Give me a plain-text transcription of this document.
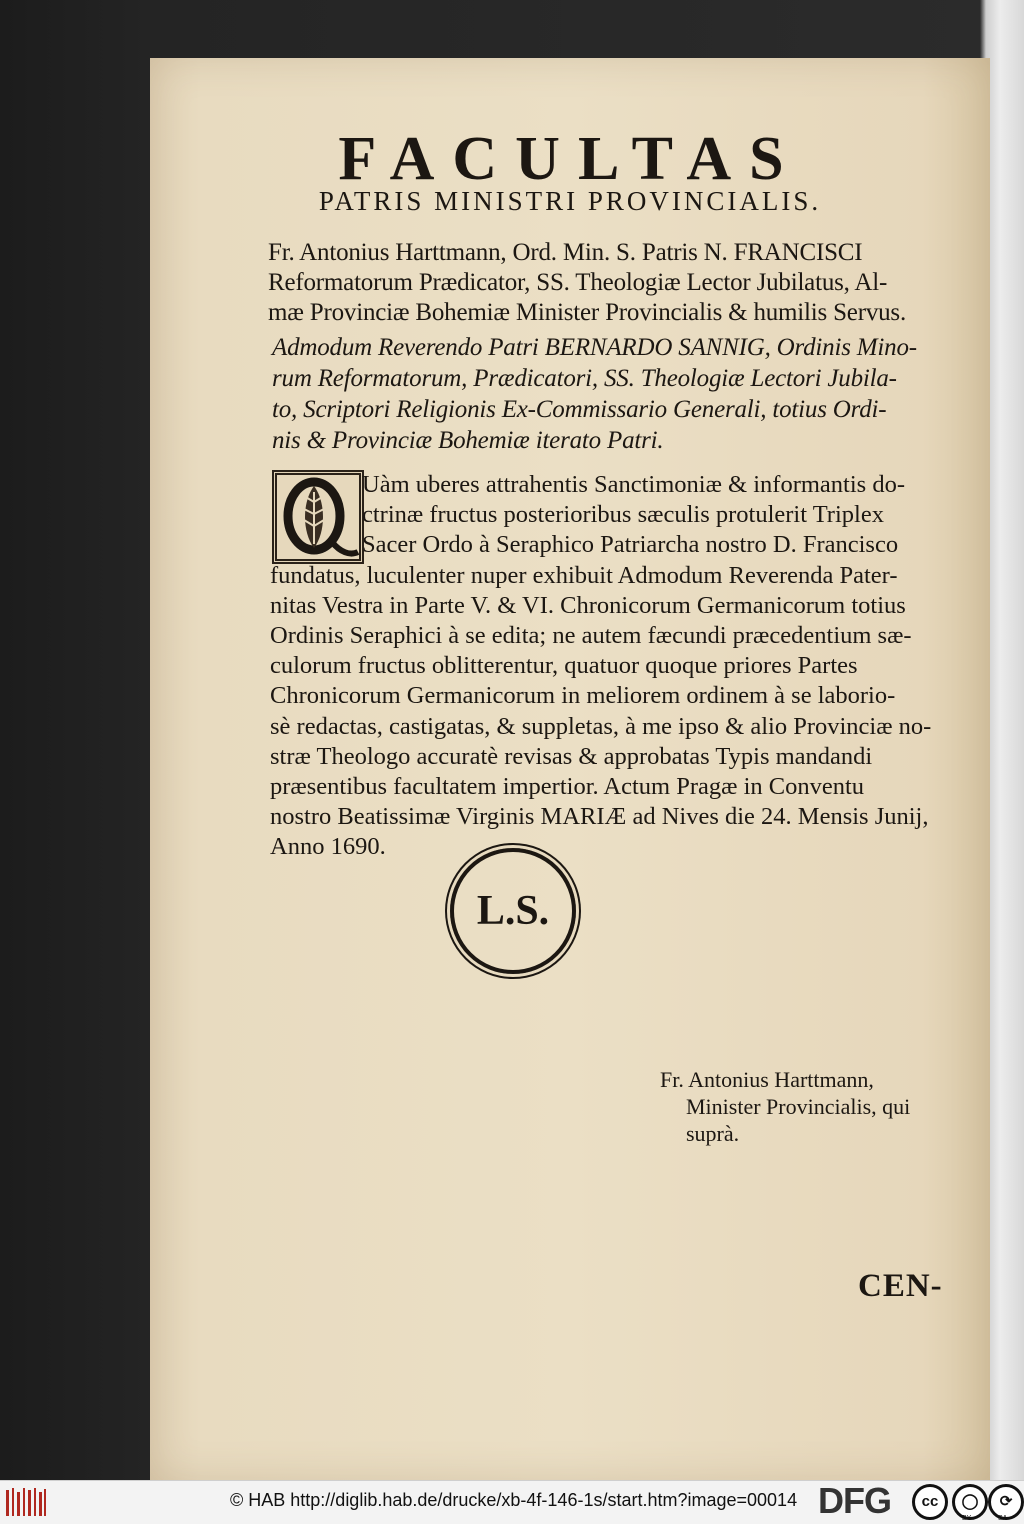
FACULTAS
PATRIS MINISTRI PROVINCIALIS.
Fr. Antonius Harttmann, Ord. Min. S. Patris N. FRANCISCI
Reformatorum Prædicator, SS. Theologiæ Lector Jubilatus, Al-
mæ Provinciæ Bohemiæ Minister Provincialis & humilis Servus.
Admodum Reverendo Patri BERNARDO SANNIG, Ordinis Mino-
rum Reformatorum, Prædicatori, SS. Theologiæ Lectori Jubila-
to, Scriptori Religionis Ex-Commissario Generali, totius Ordi-
nis & Provinciæ Bohemiæ iterato Patri.
Uàm uberes attrahentis Sanctimoniæ & informantis do-
ctrinæ fructus posterioribus sæculis protulerit Triplex
Sacer Ordo à Seraphico Patriarcha nostro D. Francisco
fundatus, luculenter nuper exhibuit Admodum Reverenda Pater-
nitas Vestra in Parte V. & VI. Chronicorum Germanicorum totius
Ordinis Seraphici à se edita; ne autem fæcundi præcedentium sæ-
culorum fructus oblitterentur, quatuor quoque priores Partes
Chronicorum Germanicorum in meliorem ordinem à se laborio-
sè redactas, castigatas, & suppletas, à me ipso & alio Provinciæ no-
stræ Theologo accuratè revisas & approbatas Typis mandandi
præsentibus facultatem impertior. Actum Pragæ in Conventu
nostro Beatissimæ Virginis MARIÆ ad Nives die 24. Mensis Junij,
Anno 1690.
L.S.
Fr. Antonius Harttmann,
Minister Provincialis, qui
suprà.
CEN-
© HAB http://diglib.hab.de/drucke/xb-4f-146-1s/start.htm?image=00014 DFG	cc	◯	⟳
BY	SA
